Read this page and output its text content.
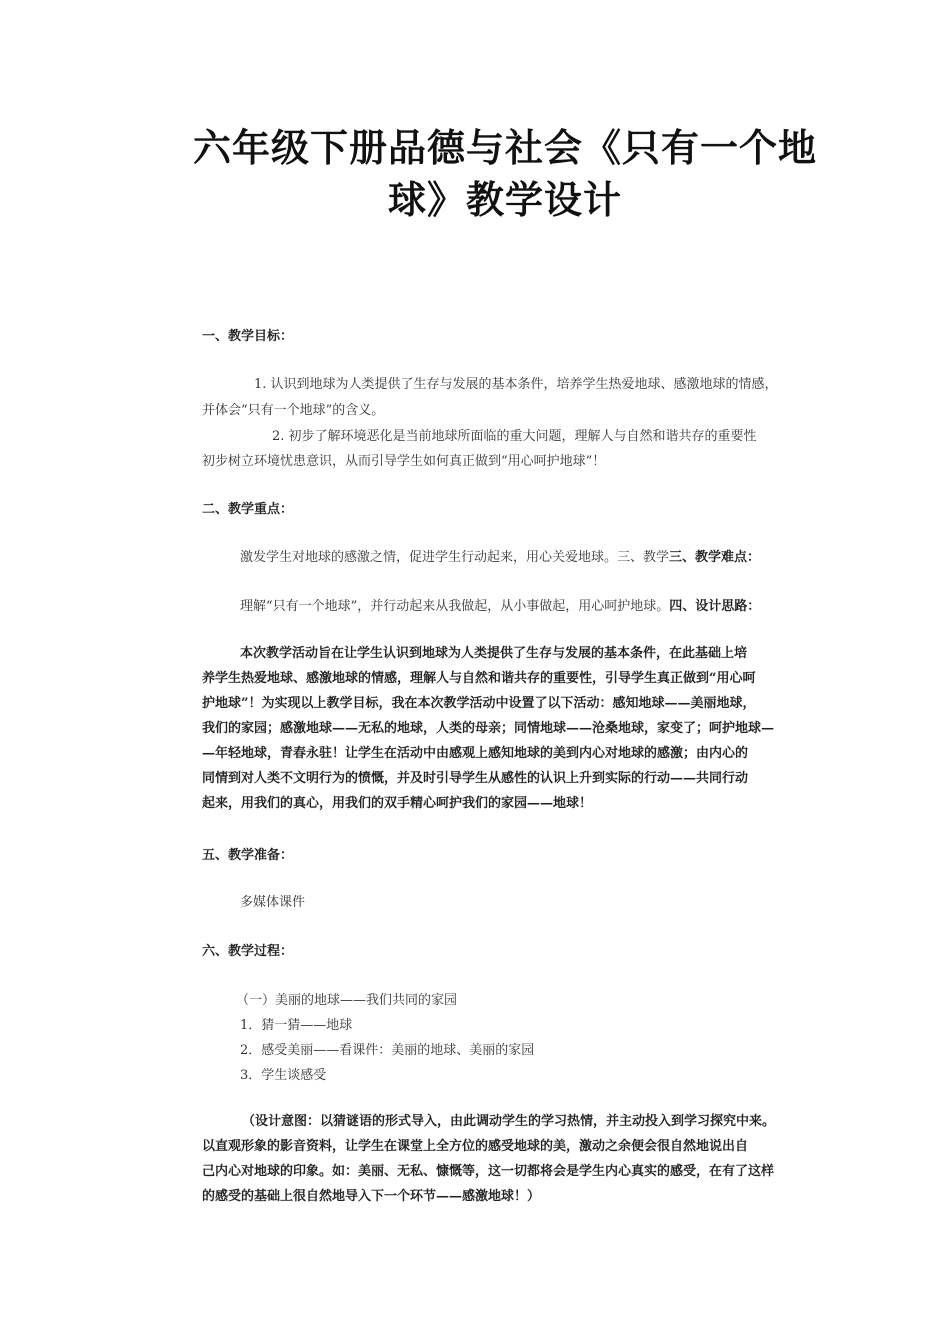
六年级下册品德与社会《只有一个地
球》教学设计
一、教学目标：
1. 认识到地球为人类提供了生存与发展的基本条件，培养学生热爱地球、感激地球的情感，
并体会“只有一个地球”的含义。
2. 初步了解环境恶化是当前地球所面临的重大问题，理解人与自然和谐共存的重要性
初步树立环境忧患意识，从而引导学生如何真正做到“用心呵护地球”！
二、教学重点：
激发学生对地球的感激之情，促进学生行动起来，用心关爱地球。三、教学三、教学难点：
理解“只有一个地球”，并行动起来从我做起，从小事做起，用心呵护地球。四、设计思路：
本次教学活动旨在让学生认识到地球为人类提供了生存与发展的基本条件，在此基础上培
养学生热爱地球、感激地球的情感，理解人与自然和谐共存的重要性，引导学生真正做到“用心呵
护地球”！为实现以上教学目标，我在本次教学活动中设置了以下活动：感知地球——美丽地球，
我们的家园；感激地球——无私的地球，人类的母亲；同情地球——沧桑地球，家变了；呵护地球—
—年轻地球，青春永驻！让学生在活动中由感观上感知地球的美到内心对地球的感激；由内心的
同情到对人类不文明行为的愤慨，并及时引导学生从感性的认识上升到实际的行动——共同行动
起来，用我们的真心，用我们的双手精心呵护我们的家园——地球！
五、教学准备：
多媒体课件
六、教学过程：
（一）美丽的地球——我们共同的家园
1．猜一猜——地球
2．感受美丽——看课件：美丽的地球、美丽的家园
3．学生谈感受
（设计意图：以猜谜语的形式导入，由此调动学生的学习热情，并主动投入到学习探究中来。
以直观形象的影音资料，让学生在课堂上全方位的感受地球的美，激动之余便会很自然地说出自
己内心对地球的印象。如：美丽、无私、慷慨等，这一切都将会是学生内心真实的感受，在有了这样
的感受的基础上很自然地导入下一个环节——感激地球！）
